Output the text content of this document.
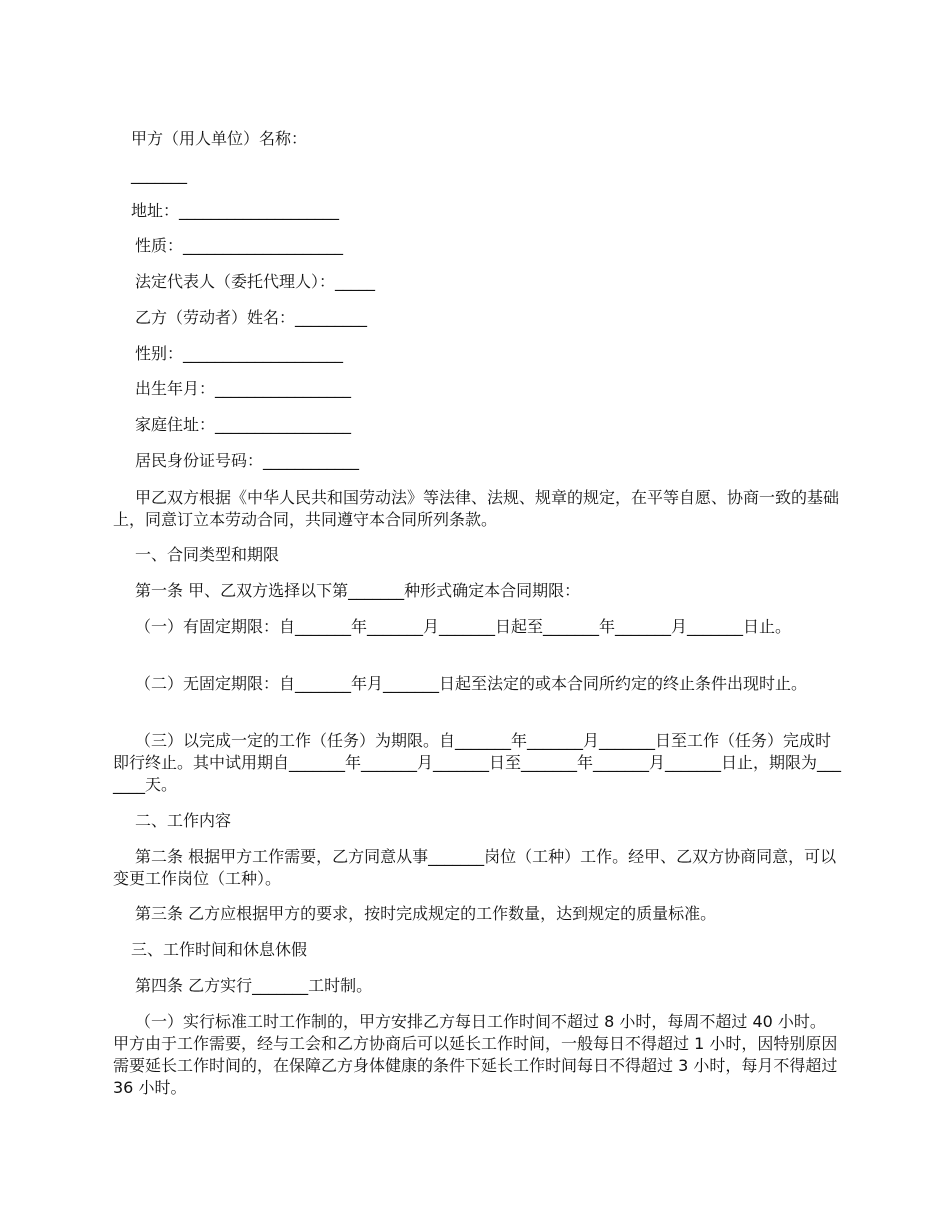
甲方（用人单位）名称：

_______

地址：____________________

性质：____________________

法定代表人（委托代理人）：_____

乙方（劳动者）姓名：_________

性别：____________________

出生年月：_________________

家庭住址：_________________

居民身份证号码：____________

甲乙双方根据《中华人民共和国劳动法》等法律、法规、规章的规定，在平等自愿、协商一致的基础上，同意订立本劳动合同，共同遵守本合同所列条款。

一、合同类型和期限

第一条 甲、乙双方选择以下第_______种形式确定本合同期限：

（一）有固定期限：自_______年_______月_______日起至_______年_______月_______日止。

（二）无固定期限：自_______年月_______日起至法定的或本合同所约定的终止条件出现时止。

（三）以完成一定的工作（任务）为期限。自_______年_______月_______日至工作（任务）完成时即行终止。其中试用期自_______年_______月_______日至_______年_______月_______日止，期限为_______天。

二、工作内容

第二条 根据甲方工作需要，乙方同意从事_______岗位（工种）工作。经甲、乙双方协商同意，可以变更工作岗位（工种）。

第三条 乙方应根据甲方的要求，按时完成规定的工作数量，达到规定的质量标准。

三、工作时间和休息休假

第四条 乙方实行_______工时制。

（一）实行标准工时工作制的，甲方安排乙方每日工作时间不超过 8 小时，每周不超过 40 小时。甲方由于工作需要，经与工会和乙方协商后可以延长工作时间，一般每日不得超过 1 小时，因特别原因需要延长工作时间的，在保障乙方身体健康的条件下延长工作时间每日不得超过 3 小时，每月不得超过 36 小时。
